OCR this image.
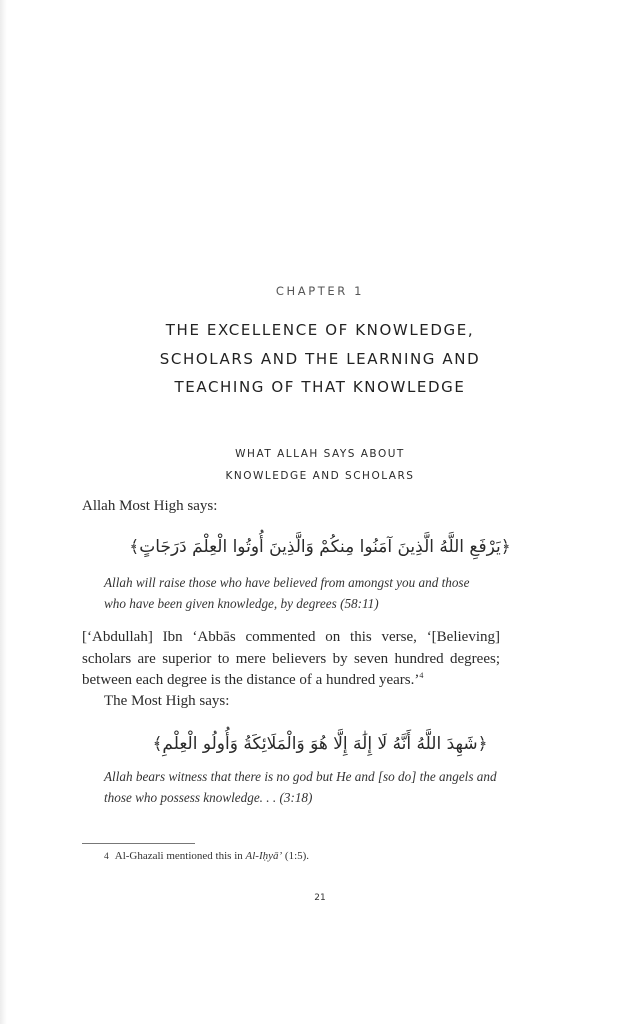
CHAPTER 1
THE EXCELLENCE OF KNOWLEDGE,
SCHOLARS AND THE LEARNING AND
TEACHING OF THAT KNOWLEDGE
WHAT ALLAH SAYS ABOUT
KNOWLEDGE AND SCHOLARS
Allah Most High says:
﴿يَرْفَعِ اللَّهُ الَّذِينَ آمَنُوا مِنكُمْ وَالَّذِينَ أُوتُوا الْعِلْمَ دَرَجَاتٍ﴾
Allah will raise those who have believed from amongst you and those
who have been given knowledge, by degrees (58:11)
[‘Abdullah] Ibn ‘Abbās commented on this verse, ‘[Believing]
scholars are superior to mere believers by seven hundred degrees;
between each degree is the distance of a hundred years.’$^4$
The Most High says:
﴿شَهِدَ اللَّهُ أَنَّهُ لَا إِلَٰهَ إِلَّا هُوَ وَالْمَلَائِكَةُ وَأُولُو الْعِلْمِ﴾
Allah bears witness that there is no god but He and [so do] the angels and
those who possess knowledge. . . (3:18)
4 Al-Ghazali mentioned this in Al-Iḥyā’ (1:5).
21
